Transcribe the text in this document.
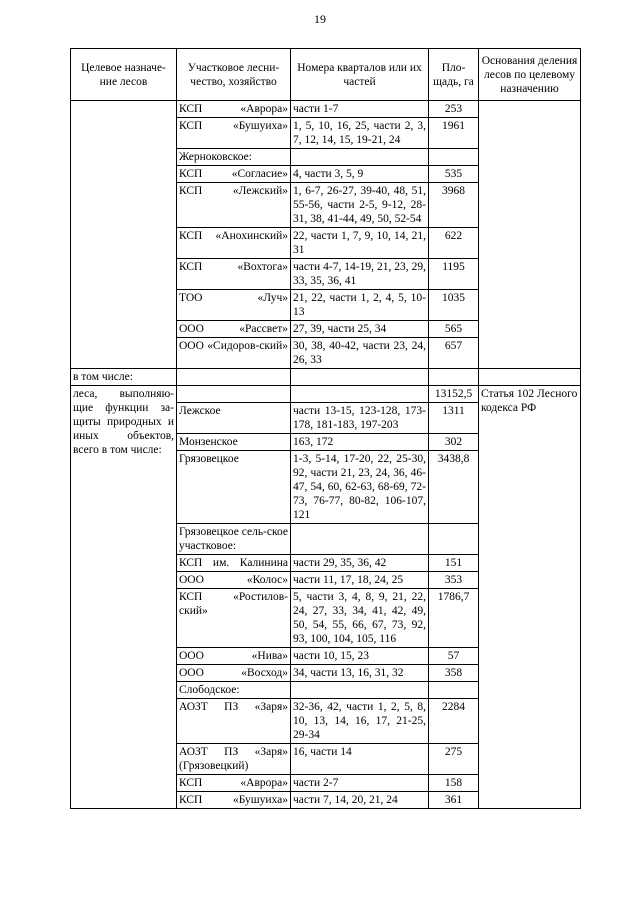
19
Целевое назначе-ние лесов	Участковое лесни-чество, хозяйство	Номера кварталов или их частей	Пло-щадь, га	Основания деления лесов по целевому назначению
	КСП «Аврора»	части 1-7	253	
	КСП «Бушуиха»	1, 5, 10, 16, 25, части 2, 3, 7, 12, 14, 15, 19-21, 24	1961	
	Жерноковское:			
	КСП «Согласие»	4, части 3, 5, 9	535	
	КСП «Лежский»	1, 6-7, 26-27, 39-40, 48, 51, 55-56, части 2-5, 9-12, 28-31, 38, 41-44, 49, 50, 52-54	3968	
	КСП «Анохинский»	22, части 1, 7, 9, 10, 14, 21, 31	622	
	КСП «Вохтога»	части 4-7, 14-19, 21, 23, 29, 33, 35, 36, 41	1195	
	ТОО «Луч»	21, 22, части 1, 2, 4, 5, 10-13	1035	
	ООО «Рассвет»	27, 39, части 25, 34	565	
	ООО «Сидоров-ский»	30, 38, 40-42, части 23, 24, 26, 33	657	
в том числе:				
леса, выполняю-щие функции за-щиты природных и иных объектов, всего в том числе:			13152,5	Статья 102 Лесного кодекса РФ
	Лежское	части 13-15, 123-128, 173-178, 181-183, 197-203	1311	
	Монзенское	163, 172	302	
	Грязовецкое	1-3, 5-14, 17-20, 22, 25-30, 92, части 21, 23, 24, 36, 46-47, 54, 60, 62-63, 68-69, 72-73, 76-77, 80-82, 106-107, 121	3438,8	
	Грязовецкое сель-ское участковое:			
	КСП им. Калинина	части 29, 35, 36, 42	151	
	ООО «Колос»	части 11, 17, 18, 24, 25	353	
	КСП «Ростилов-ский»	5, части 3, 4, 8, 9, 21, 22, 24, 27, 33, 34, 41, 42, 49, 50, 54, 55, 66, 67, 73, 92, 93, 100, 104, 105, 116	1786,7	
	ООО «Нива»	части 10, 15, 23	57	
	ООО «Восход»	34, части 13, 16, 31, 32	358	
	Слободское:			
	АОЗТ ПЗ «Заря»	32-36, 42, части 1, 2, 5, 8, 10, 13, 14, 16, 17, 21-25, 29-34	2284	
	АОЗТ ПЗ «Заря» (Грязовецкий)	16, части 14	275	
	КСП «Аврора»	части 2-7	158	
	КСП «Бушуиха»	части 7, 14, 20, 21, 24	361	
